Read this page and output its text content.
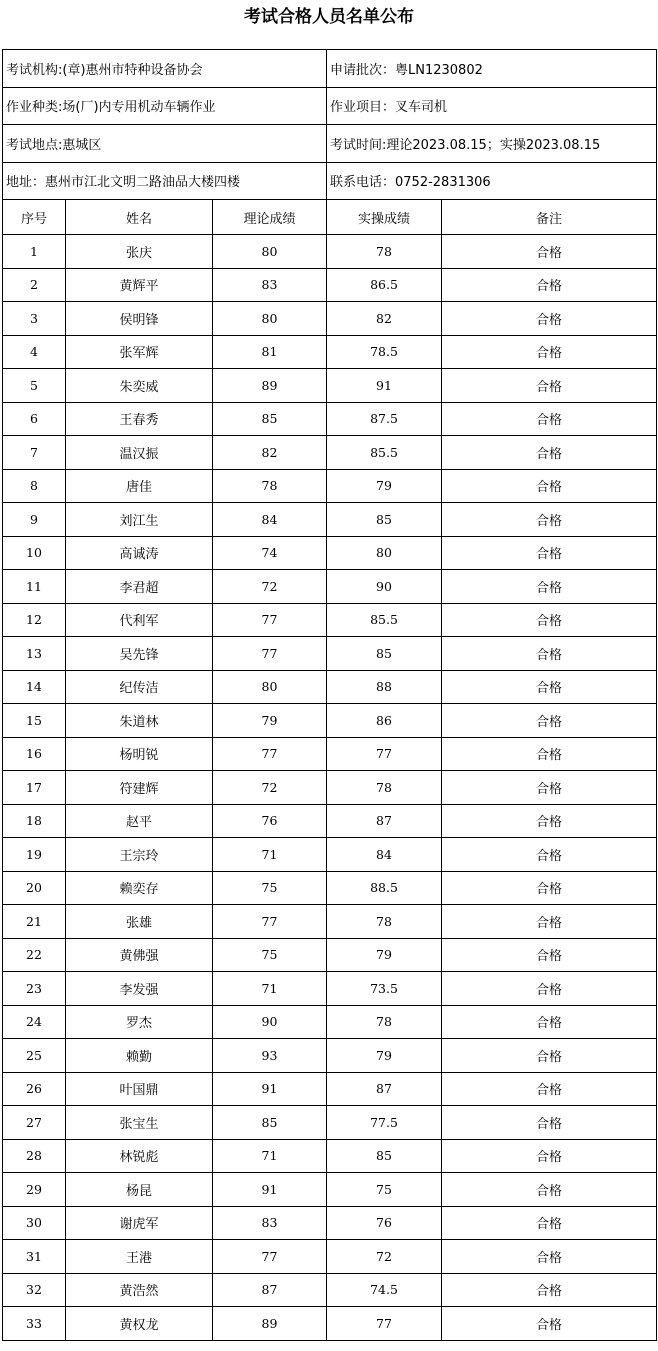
考试合格人员名单公布
考试机构:(章)惠州市特种设备协会			申请批次：粤LN1230802	
作业种类:场(厂)内专用机动车辆作业			作业项目：叉车司机	
考试地点:惠城区			考试时间:理论2023.08.15；实操2023.08.15	
地址：惠州市江北文明二路油品大楼四楼			联系电话：0752-2831306	
序号	姓名	理论成绩	实操成绩	备注
1	张庆	80	78	合格
2	黄辉平	83	86.5	合格
3	侯明锋	80	82	合格
4	张军辉	81	78.5	合格
5	朱奕威	89	91	合格
6	王春秀	85	87.5	合格
7	温汉振	82	85.5	合格
8	唐佳	78	79	合格
9	刘江生	84	85	合格
10	高诚涛	74	80	合格
11	李君超	72	90	合格
12	代利军	77	85.5	合格
13	吴先锋	77	85	合格
14	纪传洁	80	88	合格
15	朱道林	79	86	合格
16	杨明锐	77	77	合格
17	符建辉	72	78	合格
18	赵平	76	87	合格
19	王宗玲	71	84	合格
20	赖奕存	75	88.5	合格
21	张雄	77	78	合格
22	黄佛强	75	79	合格
23	李发强	71	73.5	合格
24	罗杰	90	78	合格
25	赖勤	93	79	合格
26	叶国鼎	91	87	合格
27	张宝生	85	77.5	合格
28	林锐彪	71	85	合格
29	杨昆	91	75	合格
30	谢虎军	83	76	合格
31	王港	77	72	合格
32	黄浩然	87	74.5	合格
33	黄权龙	89	77	合格
